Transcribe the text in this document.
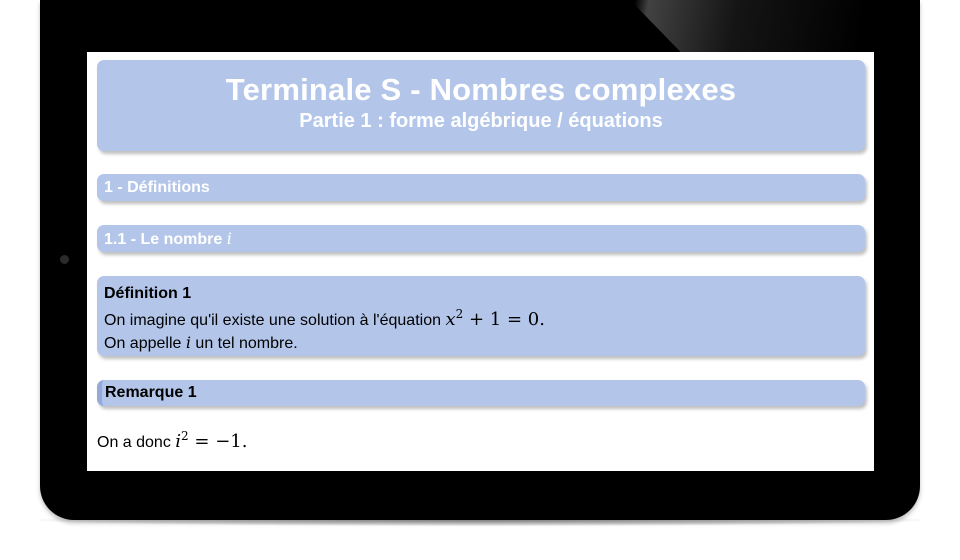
Terminale S - Nombres complexes
Partie 1 : forme algébrique / équations
1 - Définitions
1.1 - Le nombre i
Définition 1
On imagine qu'il existe une solution à l'équation $x^2 + 1 = 0$.
On appelle i un tel nombre.
Remarque 1
On a donc $i^2 = -1$.
